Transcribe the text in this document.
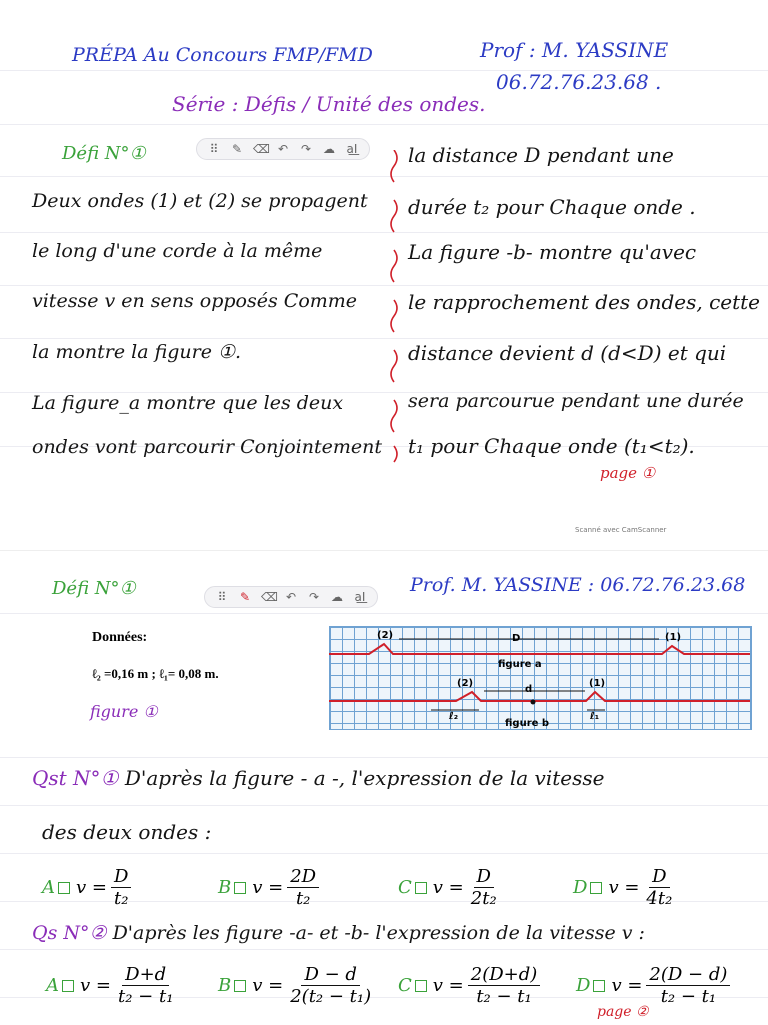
PRÉPA Au Concours FMP/FMD	Prof : M. YASSINE
06.72.76.23.68 .
Série : Défis / Unité des ondes.
Défi N°①	⠿ ✎ ⌫ ↶ ↷ ☁ a͟I
Deux ondes (1) et (2) se propagent
le long d'une corde à la même
vitesse v en sens opposés Comme
la montre la figure ①.
La figure_a montre que les deux
ondes vont parcourir Conjointement
la distance D pendant une
durée t₂ pour Chaque onde .
La figure -b- montre qu'avec
le rapprochement des ondes, cette
distance devient d (d<D) et qui
sera parcourue pendant une durée
t₁ pour Chaque onde (t₁<t₂).
page ①
Scanné avec CamScanner
Défi N°①	⠿ ✎ ⌫ ↶ ↷ ☁ a͟I
Prof. M. YASSINE : 06.72.76.23.68
Données:
ℓ₂ =0,16 m ; ℓ₁= 0,08 m.
figure ①
(2)	(1)
D
figure a
(2)	(1)
d
ℓ₂	ℓ₁
figure b
Qst N°① D'après la figure - a -, l'expression de la vitesse
des deux ondes :
A $v = \frac{D}{\text{t₂}}$	B $v = \frac{2D}{\text{t₂}}$	C $v = \frac{D}{\text{2t₂}}$	D $v = \frac{D}{\text{4t₂}}$
Qs N°② D'après les figure -a- et -b- l'expression de la vitesse v :
A $v = \frac{D+d}{\text{t₂ − t₁}}$ B $v = \frac{D - d}{\text{2(t₂ − t₁)}}$ C $v = \frac{2(D+d)}{\text{t₂ − t₁}}$ D $v = \frac{2(D - d)}{\text{t₂ − t₁}}$
page ②
